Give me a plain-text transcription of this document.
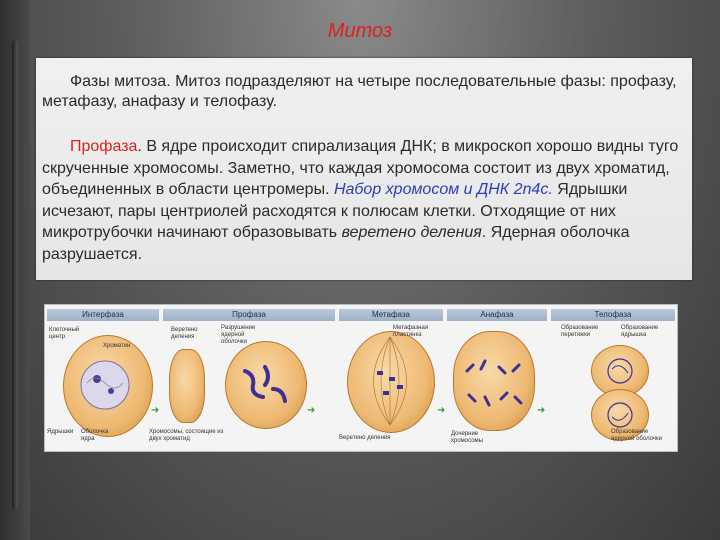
Митоз
Фазы митоза. Митоз подразделяют на четыре последовательные фазы: профазу, метафазу, анафазу и телофазу.
Профаза. В ядре происходит спирализация ДНК; в микроскоп хорошо видны туго скрученные хромосомы. Заметно, что каждая хромосома состоит из двух хроматид, объединенных в области центромеры. Набор хромосом и ДНК 2n4c. Ядрышки исчезают, пары центриолей расходятся к полюсам клетки. Отходящие от них микротрубочки начинают образовывать веретено деления. Ядерная оболочка разрушается.
Интерфаза	Профаза	Метафаза	Анафаза	Телофаза
Клеточный центр
Хроматин
Ядрышки	Оболочка ядра
➜
Веретено деления
Разрушение ядерной оболочки
Хромосомы, состоящие из двух хроматид
➜
Метафазная пластинка
Веретено деления
➜
Дочерние хромосомы
➜
Образование перетяжки
Образование ядрышка
Образование ядерной оболочки
